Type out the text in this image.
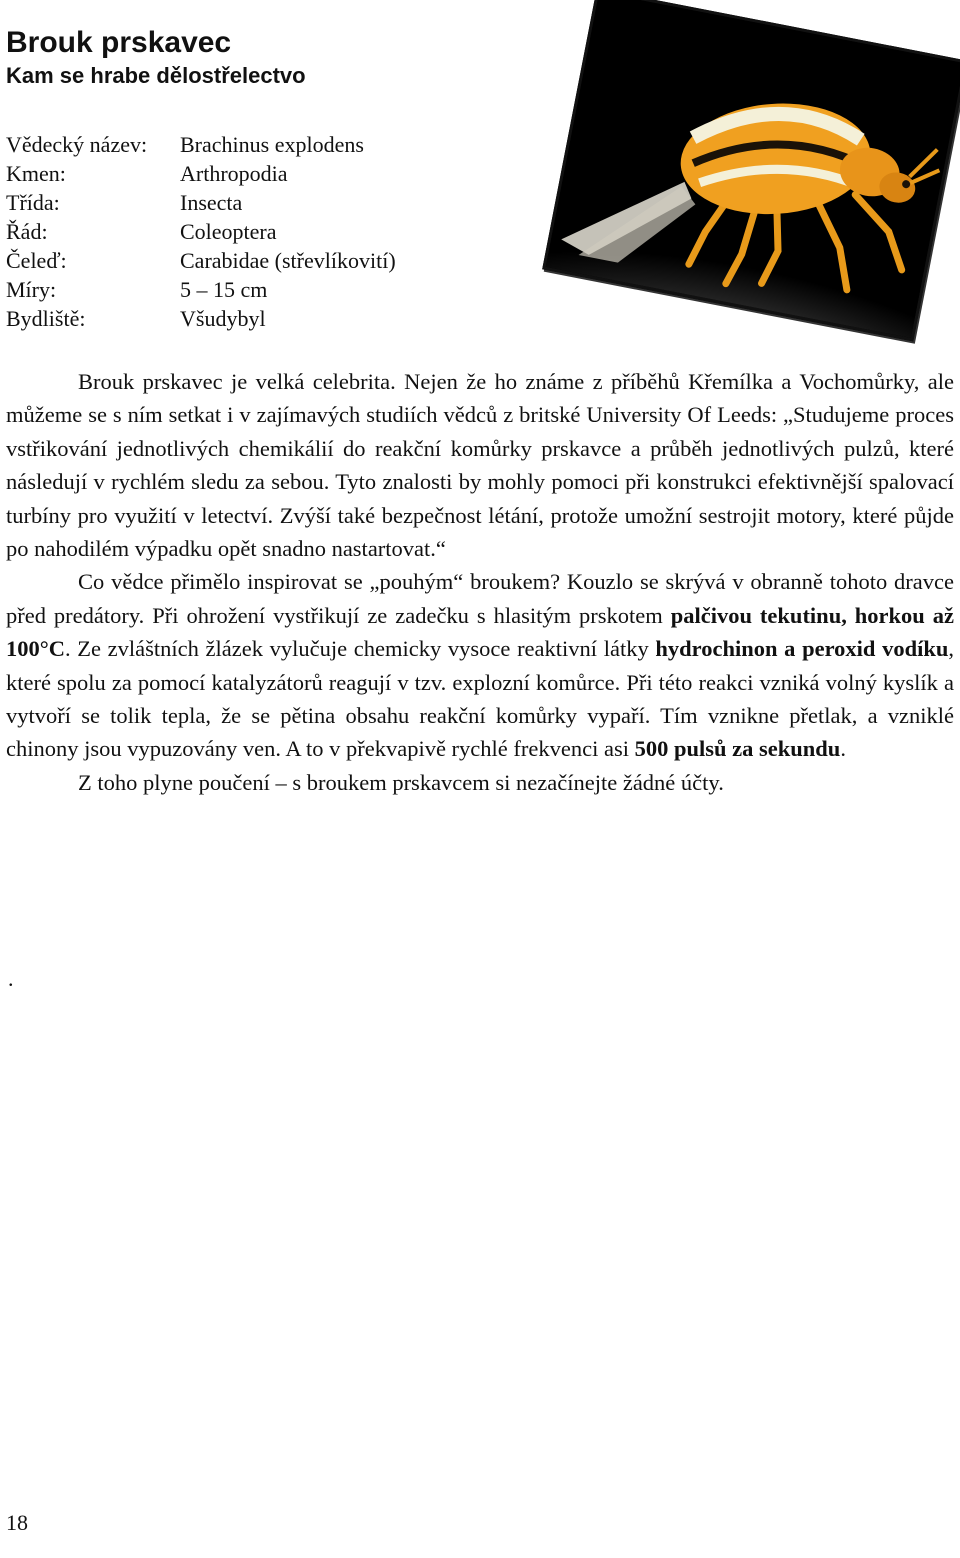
Brouk prskavec
Kam se hrabe dělostřelectvo
Vědecký název:	Brachinus explodens
Kmen:	Arthropodia
Třída:	Insecta
Řád:	Coleoptera
Čeleď:	Carabidae (střevlíkovití)
Míry:	5 – 15 cm
Bydliště:	Všudybyl

Brouk prskavec je velká celebrita. Nejen že ho známe z příběhů Křemílka a Vochomůrky, ale můžeme se s ním setkat i v zajímavých studiích vědců z britské University Of Leeds: „Studujeme proces vstřikování jednotlivých chemikálií do reakční komůrky prskavce a průběh jednotlivých pulzů, které následují v rychlém sledu za sebou. Tyto znalosti by mohly pomoci při konstrukci efektivnější spalovací turbíny pro využití v letectví. Zvýší také bezpečnost létání, protože umožní sestrojit motory, které půjde po nahodilém výpadku opět snadno nastartovat.“

Co vědce přimělo inspirovat se „pouhým“ broukem? Kouzlo se skrývá v obranně tohoto dravce před predátory. Při ohrožení vystřikují ze zadečku s hlasitým prskotem palčivou tekutinu, horkou až 100°C. Ze zvláštních žlázek vylučuje chemicky vysoce reaktivní látky hydrochinon a peroxid vodíku, které spolu za pomocí katalyzátorů reagují v tzv. explozní komůrce. Při této reakci vzniká volný kyslík a vytvoří se tolik tepla, že se pětina obsahu reakční komůrky vypaří. Tím vznikne přetlak, a vzniklé chinony jsou vypuzovány ven. A to v překvapivě rychlé frekvenci asi 500 pulsů za sekundu.

Z toho plyne poučení – s broukem prskavcem si nezačínejte žádné účty.

.
18
